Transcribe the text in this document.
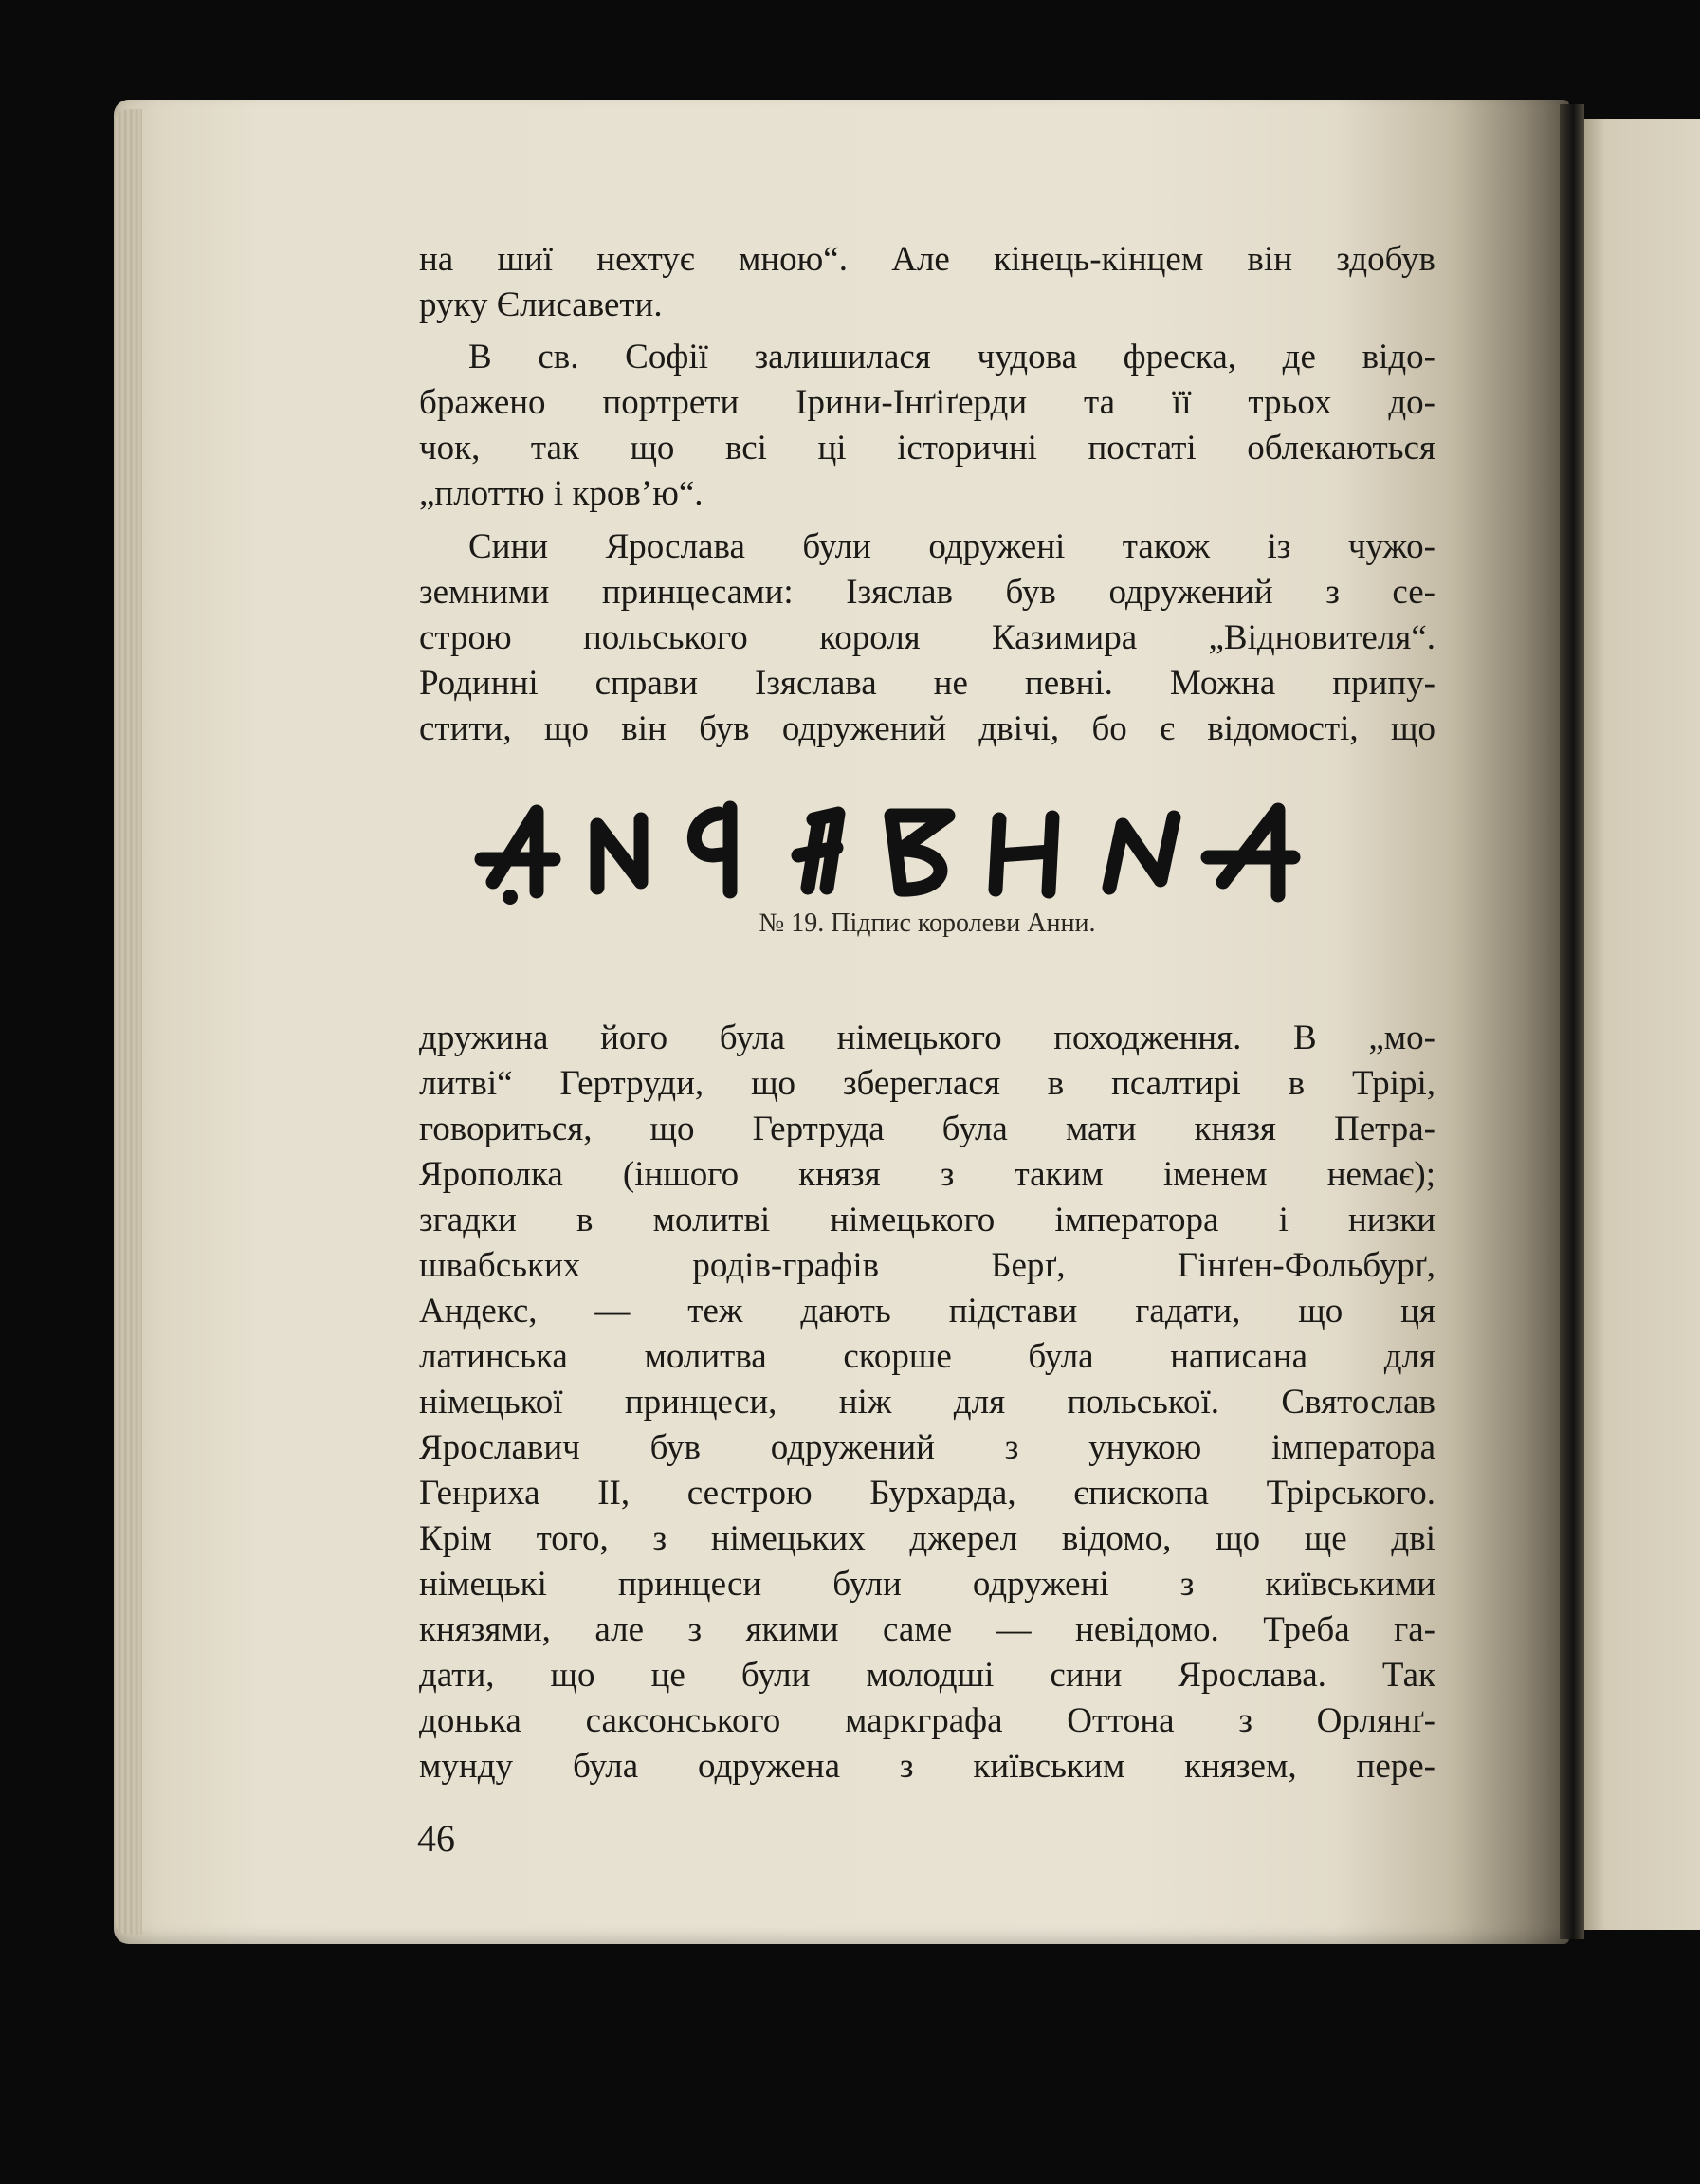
на шиї нехтує мною“. Але кінець-кінцем він здобув
руку Єлисавети.
В св. Софії залишилася чудова фреска, де відо-
бражено портрети Ірини-Інґіґерди та її трьох до-
чок, так що всі ці історичні постаті облекаються
„плоттю і кров’ю“.
Сини Ярослава були одружені також із чужо-
земними принцесами: Ізяслав був одружений з се-
строю польського короля Казимира „Відновителя“.
Родинні справи Ізяслава не певні. Можна припу-
стити, що він був одружений двічі, бо є відомості, що
№ 19. Підпис королеви Анни.
дружина його була німецького походження. В „мо-
литві“ Гертруди, що збереглася в псалтирі в Трірі,
говориться, що Гертруда була мати князя Петра-
Ярополка (іншого князя з таким іменем немає);
згадки в молитві німецького імператора і низки
швабських родів-графів Берґ, Гінґен-Фольбурґ,
Андекс, — теж дають підстави гадати, що ця
латинська молитва скорше була написана для
німецької принцеси, ніж для польської. Святослав
Ярославич був одружений з унукою імператора
Генриха II, сестрою Бурхарда, єпископа Трірського.
Крім того, з німецьких джерел відомо, що ще дві
німецькі принцеси були одружені з київськими
князями, але з якими саме — невідомо. Треба га-
дати, що це були молодші сини Ярослава. Так
донька саксонського маркграфа Оттона з Орлянґ-
мунду була одружена з київським князем, пере-
46
